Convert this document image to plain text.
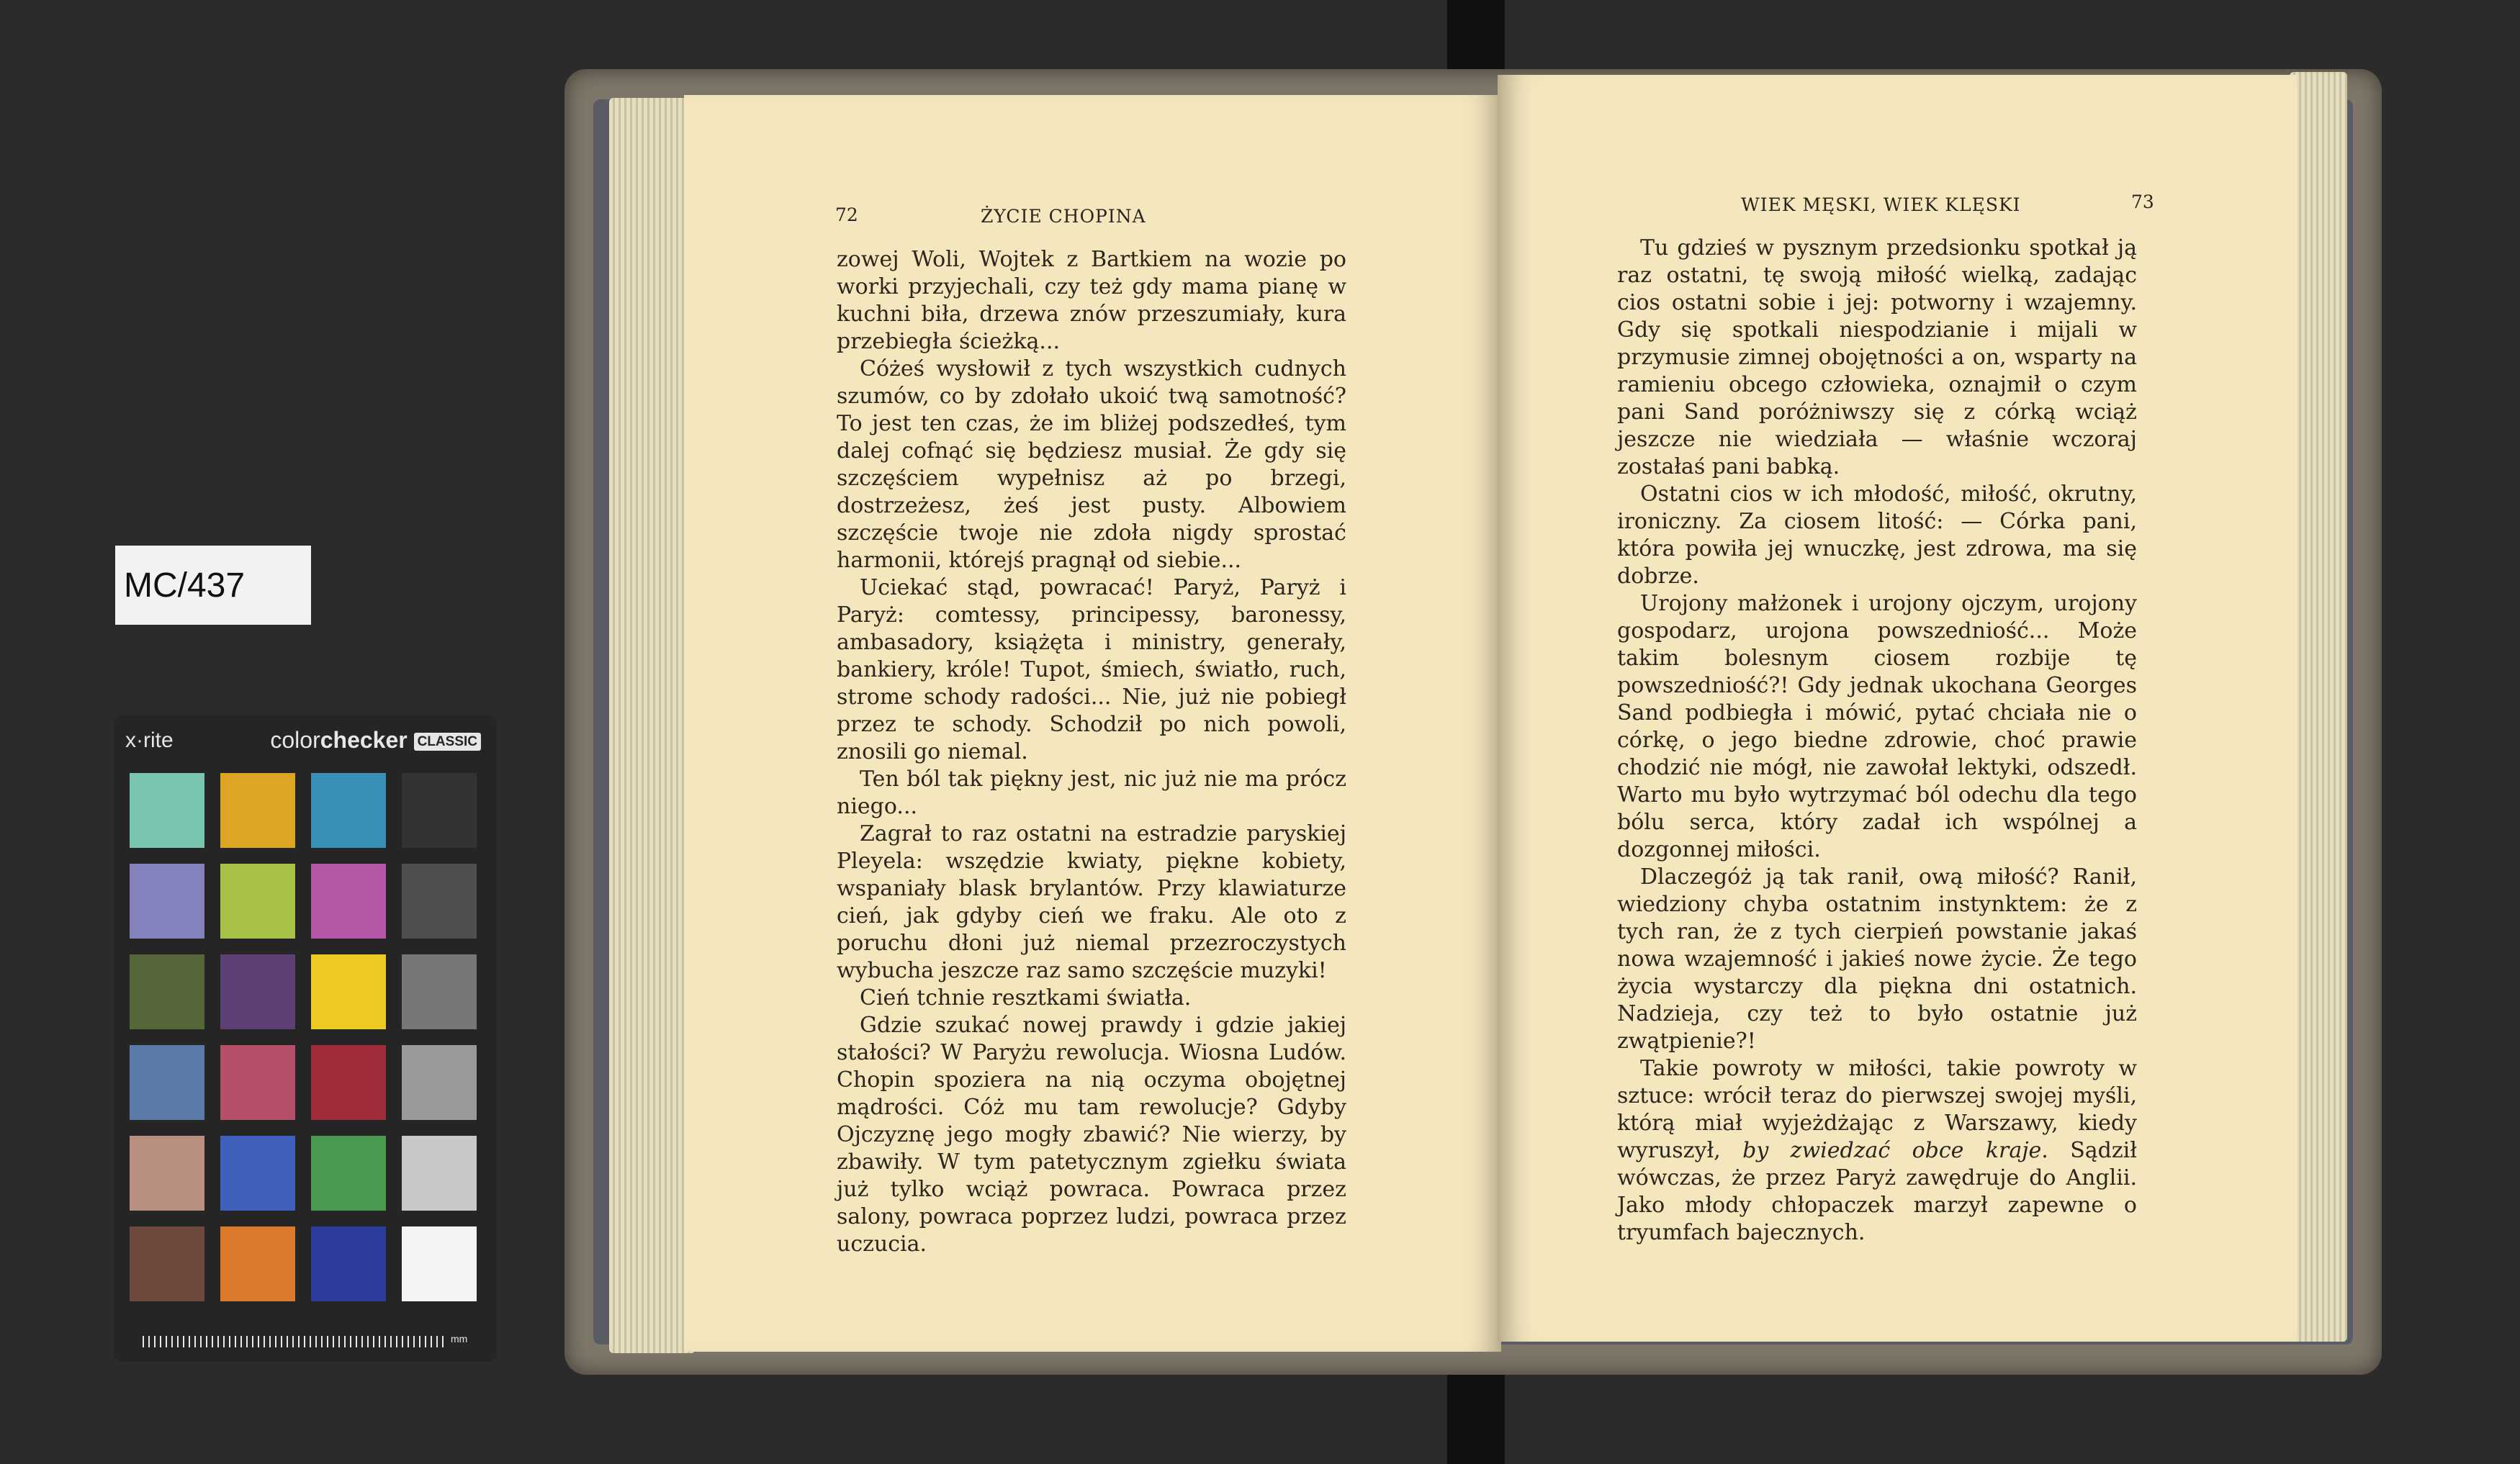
MC/437
x·rite	colorchecker CLASSIC
mm
72	ŻYCIE CHOPINA

zowej Woli, Wojtek z Bartkiem na wozie po worki przyjechali, czy też gdy mama pianę w kuchni biła, drzewa znów przeszumiały, kura przebiegła ścieżką...

Cóżeś wysłowił z tych wszystkich cudnych szumów, co by zdołało ukoić twą samotność? To jest ten czas, że im bliżej podszedłeś, tym dalej cofnąć się będziesz musiał. Że gdy się szczęściem wypełnisz aż po brzegi, dostrzeżesz, żeś jest pusty. Albowiem szczęście twoje nie zdoła nigdy sprostać harmonii, którejś pragnął od siebie...

Uciekać stąd, powracać! Paryż, Paryż i Paryż: comtessy, principessy, baronessy, ambasadory, książęta i ministry, generały, bankiery, króle! Tupot, śmiech, światło, ruch, strome schody radości... Nie, już nie pobiegł przez te schody. Schodził po nich powoli, znosili go niemal.

Ten ból tak piękny jest, nic już nie ma prócz niego...

Zagrał to raz ostatni na estradzie paryskiej Pleyela: wszędzie kwiaty, piękne kobiety, wspaniały blask brylantów. Przy klawiaturze cień, jak gdyby cień we fraku. Ale oto z poruchu dłoni już niemal przezroczystych wybucha jeszcze raz samo szczęście muzyki!

Cień tchnie resztkami światła.

Gdzie szukać nowej prawdy i gdzie jakiej stałości? W Paryżu rewolucja. Wiosna Ludów. Chopin spoziera na nią oczyma obojętnej mądrości. Cóż mu tam rewolucje? Gdyby Ojczyznę jego mogły zbawić? Nie wierzy, by zbawiły. W tym patetycznym zgiełku świata już tylko wciąż powraca. Powraca przez salony, powraca poprzez ludzi, powraca przez uczucia.

WIEK MĘSKI, WIEK KLĘSKI	73

Tu gdzieś w pysznym przedsionku spotkał ją raz ostatni, tę swoją miłość wielką, zadając cios ostatni sobie i jej: potworny i wzajemny. Gdy się spotkali niespodzianie i mijali w przymusie zimnej obojętności a on, wsparty na ramieniu obcego człowieka, oznajmił o czym pani Sand poróżniwszy się z córką wciąż jeszcze nie wiedziała — właśnie wczoraj zostałaś pani babką.

Ostatni cios w ich młodość, miłość, okrutny, ironiczny. Za ciosem litość: — Córka pani, która powiła jej wnuczkę, jest zdrowa, ma się dobrze.

Urojony małżonek i urojony ojczym, urojony gospodarz, urojona powszedniość... Może takim bolesnym ciosem rozbije tę powszedniość?! Gdy jednak ukochana Georges Sand podbiegła i mówić, pytać chciała nie o córkę, o jego biedne zdrowie, choć prawie chodzić nie mógł, nie zawołał lektyki, odszedł. Warto mu było wytrzymać ból odechu dla tego bólu serca, który zadał ich wspólnej a dozgonnej miłości.

Dlaczegóż ją tak ranił, ową miłość? Ranił, wiedziony chyba ostatnim instynktem: że z tych ran, że z tych cierpień powstanie jakaś nowa wzajemność i jakieś nowe życie. Że tego życia wystarczy dla piękna dni ostatnich. Nadzieja, czy też to było ostatnie już zwątpienie?!

Takie powroty w miłości, takie powroty w sztuce: wrócił teraz do pierwszej swojej myśli, którą miał wyjeżdżając z Warszawy, kiedy wyruszył, by zwiedzać obce kraje. Sądził wówczas, że przez Paryż zawędruje do Anglii. Jako młody chłopaczek marzył zapewne o tryumfach bajecznych.
